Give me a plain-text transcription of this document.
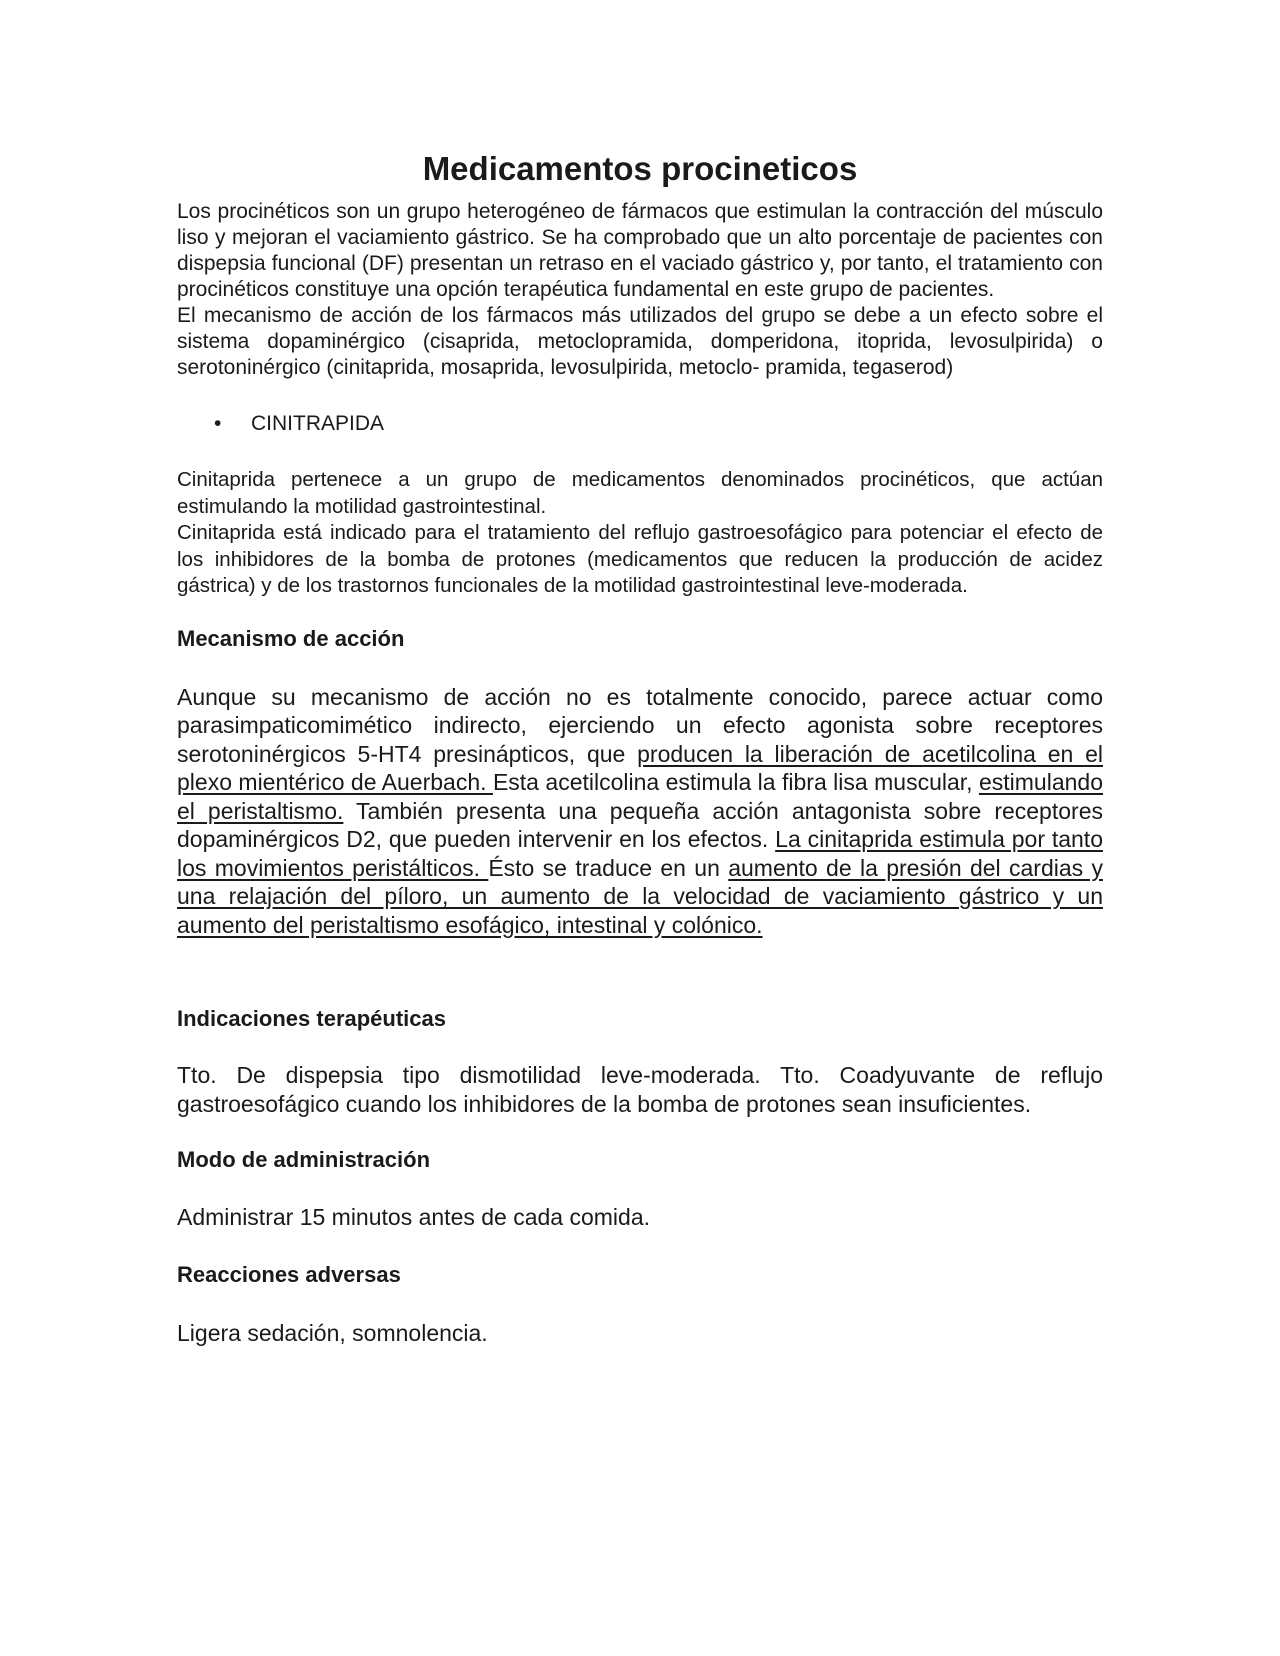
Medicamentos procineticos

Los procinéticos son un grupo heterogéneo de fármacos que estimulan la contracción del músculo liso y mejoran el vaciamiento gástrico. Se ha comprobado que un alto porcentaje de pacientes con dispepsia funcional (DF) presentan un retraso en el vaciado gástrico y, por tanto, el tratamiento con procinéticos constituye una opción terapéutica fundamental en este grupo de pacientes.

El mecanismo de acción de los fármacos más utilizados del grupo se debe a un efecto sobre el sistema dopaminérgico (cisaprida, metoclopramida, domperidona, itoprida, levosulpirida) o serotoninérgico (cinitaprida, mosaprida, levosulpirida, metoclo- pramida, tegaserod)

• CINITRAPIDA

Cinitaprida pertenece a un grupo de medicamentos denominados procinéticos, que actúan estimulando la motilidad gastrointestinal.

Cinitaprida está indicado para el tratamiento del reflujo gastroesofágico para potenciar el efecto de los inhibidores de la bomba de protones (medicamentos que reducen la producción de acidez gástrica) y de los trastornos funcionales de la motilidad gastrointestinal leve-moderada.

Mecanismo de acción

Aunque su mecanismo de acción no es totalmente conocido, parece actuar como parasimpaticomimético indirecto, ejerciendo un efecto agonista sobre receptores serotoninérgicos 5-HT4 presinápticos, que producen la liberación de acetilcolina en el plexo mientérico de Auerbach. Esta acetilcolina estimula la fibra lisa muscular, estimulando el peristaltismo. También presenta una pequeña acción antagonista sobre receptores dopaminérgicos D2, que pueden intervenir en los efectos. La cinitaprida estimula por tanto los movimientos peristálticos. Ésto se traduce en un aumento de la presión del cardias y una relajación del píloro, un aumento de la velocidad de vaciamiento gástrico y un aumento del peristaltismo esofágico, intestinal y colónico.

Indicaciones terapéuticas

Tto. De dispepsia tipo dismotilidad leve-moderada. Tto. Coadyuvante de reflujo gastroesofágico cuando los inhibidores de la bomba de protones sean insuficientes.

Modo de administración

Administrar 15 minutos antes de cada comida.

Reacciones adversas

Ligera sedación, somnolencia.
